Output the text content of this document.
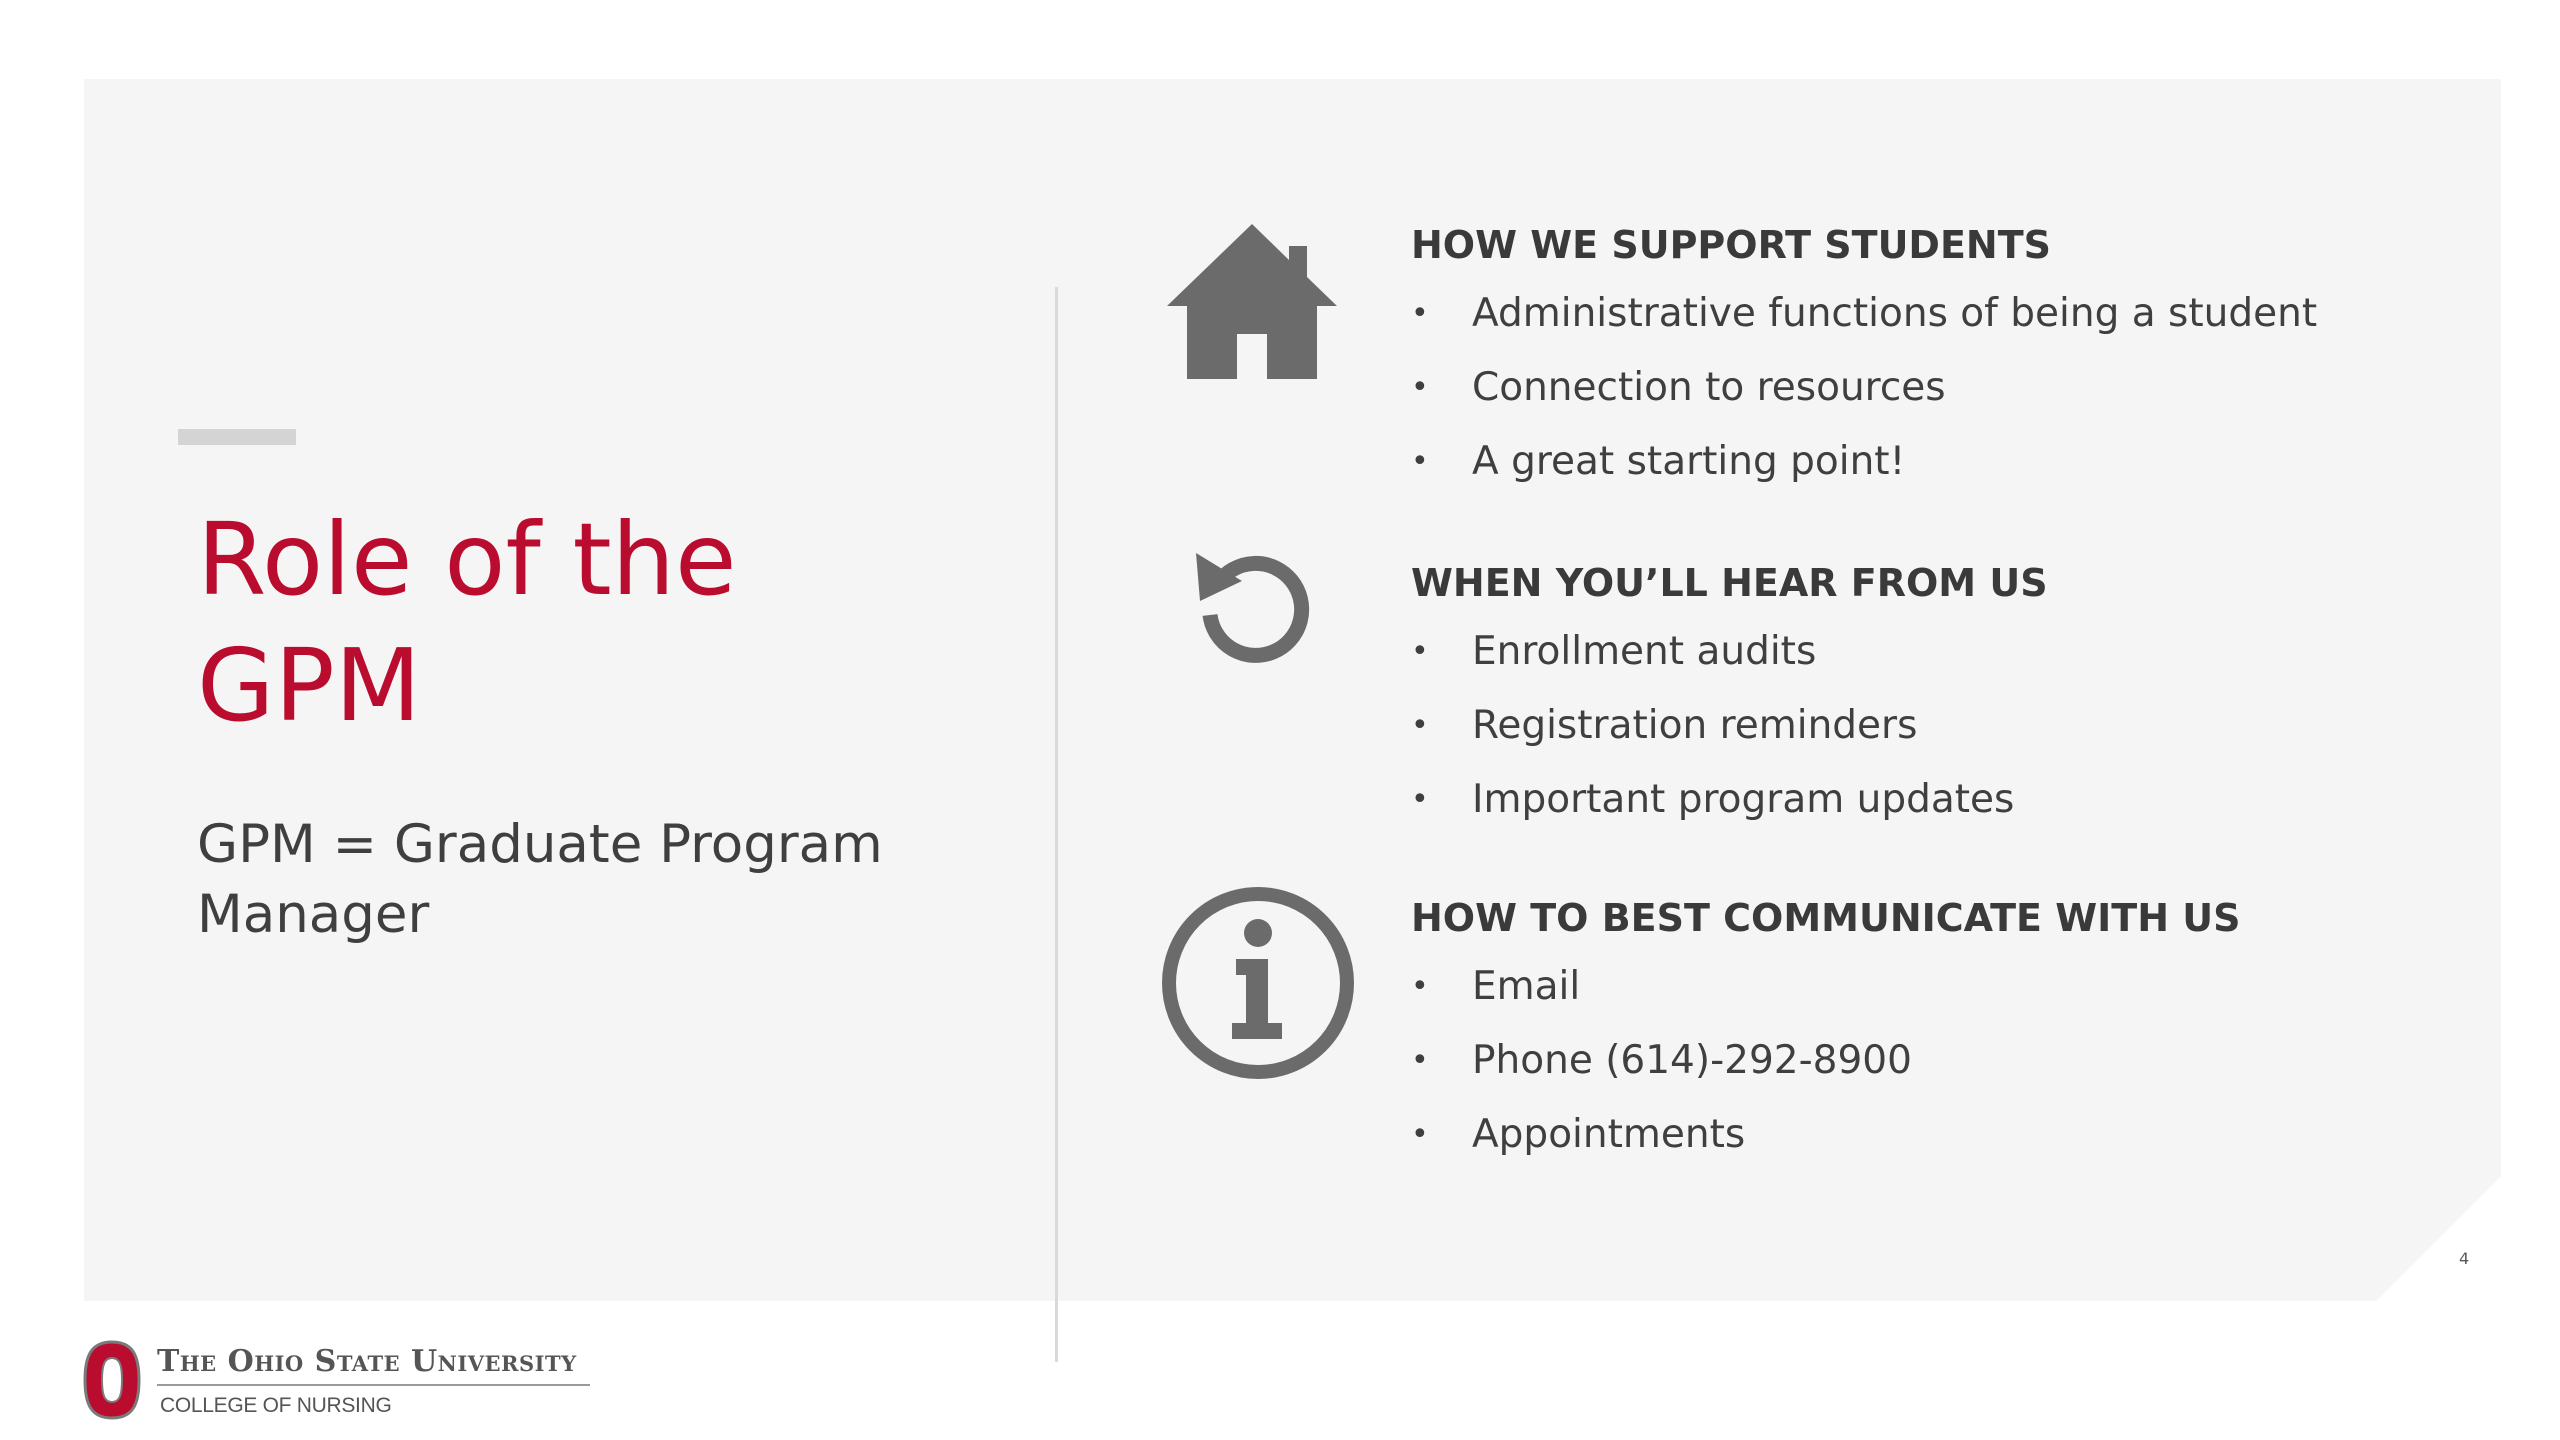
Role of the GPM

GPM = Graduate Program Manager

HOW WE SUPPORT STUDENTS
•	Administrative functions of being a student
•	Connection to resources
•	A great starting point!
WHEN YOU’LL HEAR FROM US
•	Enrollment audits
•	Registration reminders
•	Important program updates
HOW TO BEST COMMUNICATE WITH US
•	Email
•	Phone (614)-292-8900
•	Appointments
4
The Ohio State University
COLLEGE OF NURSING
